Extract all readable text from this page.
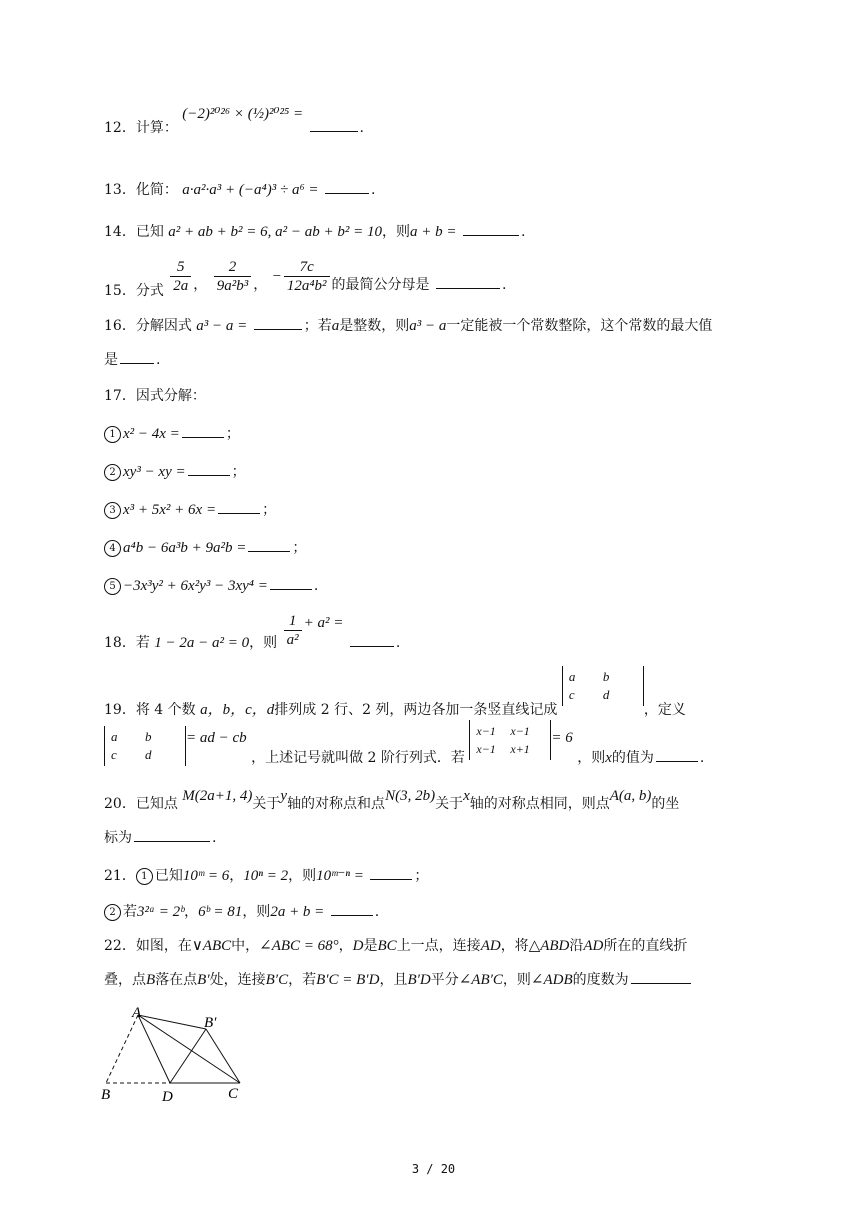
12．计算： (−2)²⁰²⁶ × (½)²⁰²⁵ = .
13．化简： a·a²·a³ + (−a⁴)³ ÷ a⁶ =	.
14．已知 a² + ab + b² = 6, a² − ab + b² = 10，则a + b =	.
15．分式 $\frac{5}{2a}$ ， $\frac{2}{\text{9a²b³}}$ ， − $\frac{7c}{\text{12a⁴b²}}$ 的最简公分母是	.
16．分解因式 a³ − a =	；若a是整数，则a³ − a一定能被一个常数整除，这个常数的最大值
是	.
17．因式分解：
1 x² − 4x =	；
2 xy³ − xy =	；
3 x³ + 5x² + 6x =	；
4 a⁴b − 6a³b + 9a²b =	；
5 −3x³y² + 6x²y³ − 3xy⁴ =	.
18．若 1 − 2a − a² = 0，则 $\frac{1}{\text{a²}} + a^2$ = .
19．将 4 个数 a，b，c，d排列成 2 行、2 列，两边各加一条竖直线记成
a b
c d
，定义
a b
c d
= ad − cb ，上述记号就叫做 2 阶行列式．若
x−1 x−1
x−1 x+1
= 6 ，则x的值为	.
20．已知点 M(2a+1, 4)关于y轴的对称点和点N(3, 2b)关于x轴的对称点相同，则点A(a, b)的坐
标为	.
21． 1 已知10ᵐ = 6，10ⁿ = 2，则10ᵐ⁻ⁿ =	；
2 若3²ᵃ = 2ᵇ，6ᵇ = 81，则2a + b =	.
22．如图，在∨ABC中，∠ABC = 68°，D是BC上一点，连接AD，将△ABD沿AD所在的直线折
叠，点B落在点B′处，连接B′C，若B′C = B′D，且B′D平分∠AB′C，则∠ADB的度数为
A
B′
B	D	C
3 / 20
